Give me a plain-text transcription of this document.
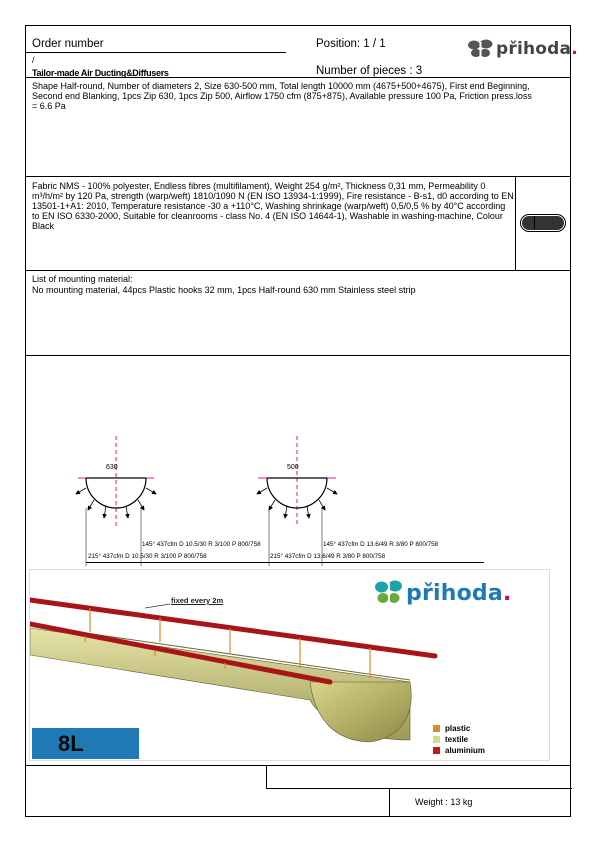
Order number
/
Tailor-made Air Ducting&Diffusers
Position: 1 / 1
Number of pieces : 3
přihoda .
Shape Half-round, Number of diameters 2, Size 630-500 mm, Total length 10000 mm (4675+500+4675), First end Beginning, Second end Blanking, 1pcs Zip 630, 1pcs Zip 500, Airflow 1750 cfm (875+875), Available pressure 100 Pa, Friction press.loss = 6.6 Pa
Fabric NMS - 100% polyester, Endless fibres (multifilament), Weight 254 g/m², Thickness 0,31 mm, Permeability 0 m³/h/m² by 120 Pa, strength (warp/weft) 1810/1090 N (EN ISO 13934-1:1999), Fire resistance - B-s1, d0 according to EN 13501-1+A1: 2010, Temperature resistance -30 a +110°C, Washing shrinkage (warp/weft) 0,5/0,5 % by 40°C according to EN ISO 6330-2000, Suitable for cleanrooms - class No. 4 (EN ISO 14644-1), Washable in washing-machine, Colour Black
List of mounting material:
No mounting material, 44pcs Plastic hooks 32 mm, 1pcs Half-round 630 mm Stainless steel strip
630	500
145° 437cfm D 10.5/30 R 3/100 P 800/758
215° 437cfm D 10.5/30 R 3/100 P 800/758
145° 437cfm D 13.6/49 R 3/80 P 800/758
215° 437cfm D 13.6/49 R 3/80 P 800/758
fixed every 2m	přihoda .
8L
plastic
textile
aluminium
Weight : 13 kg
